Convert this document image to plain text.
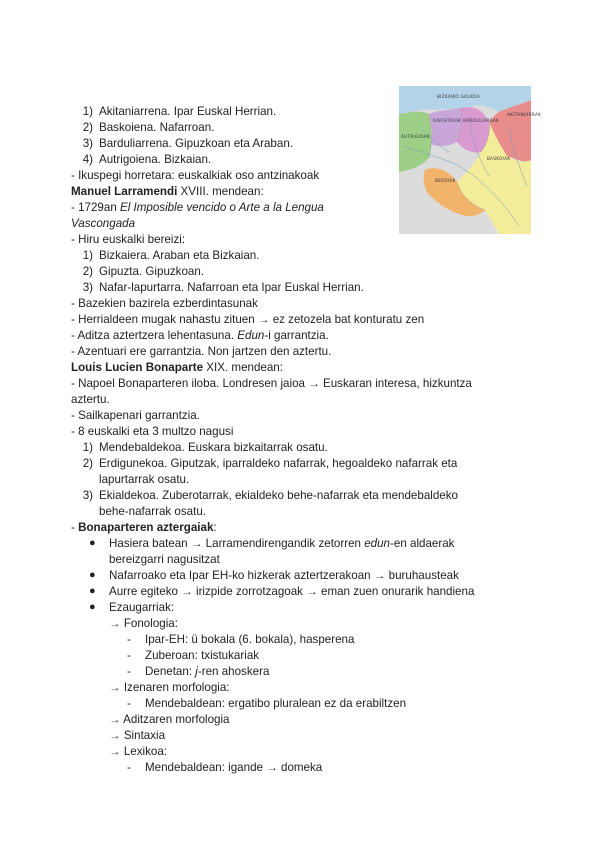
BIZKAIKO GOLKOA
AKITANIARRAK
AUTRIGOIAK
KARISTIOAK BARDULIARRAK
BASKOIAK
BEROIAK
1) Akitaniarrena. Ipar Euskal Herrian.
2) Baskoiena. Nafarroan.
3) Barduliarrena. Gipuzkoan eta Araban.
4) Autrigoiena. Bizkaian.
- Ikuspegi horretara: euskalkiak oso antzinakoak
Manuel Larramendi XVIII. mendean:
- 1729an El Imposible vencido o Arte a la Lengua
Vascongada
- Hiru euskalki bereizi:
1) Bizkaiera. Araban eta Bizkaian.
2) Gipuzta. Gipuzkoan.
3) Nafar-lapurtarra. Nafarroan eta Ipar Euskal Herrian.
- Bazekien bazirela ezberdintasunak
- Herrialdeen mugak nahastu zituen → ez zetozela bat konturatu zen
- Aditza aztertzera lehentasuna. Edun-i garrantzia.
- Azentuari ere garrantzia. Non jartzen den aztertu.
Louis Lucien Bonaparte XIX. mendean:
- Napoel Bonaparteren iloba. Londresen jaioa → Euskaran interesa, hizkuntza
aztertu.
- Sailkapenari garrantzia.
- 8 euskalki eta 3 multzo nagusi
1) Mendebaldekoa. Euskara bizkaitarrak osatu.
2) Erdigunekoa. Giputzak, iparraldeko nafarrak, hegoaldeko nafarrak eta
lapurtarrak osatu.
3) Ekialdekoa. Zuberotarrak, ekialdeko behe-nafarrak eta mendebaldeko
behe-nafarrak osatu.
- Bonaparteren aztergaiak:
● Hasiera batean → Larramendirengandik zetorren edun-en aldaerak
bereizgarri nagusitzat
● Nafarroako eta Ipar EH-ko hizkerak aztertzerakoan → buruhausteak
● Aurre egiteko → irizpide zorrotzagoak → eman zuen onurarik handiena
● Ezaugarriak:
→ Fonologia:
- Ipar-EH: ü bokala (6. bokala), hasperena
- Zuberoan: txistukariak
- Denetan: j-ren ahoskera
→ Izenaren morfologia:
- Mendebaldean: ergatibo pluralean ez da erabiltzen
→ Aditzaren morfologia
→ Sintaxia
→ Lexikoa:
- Mendebaldean: igande → domeka
